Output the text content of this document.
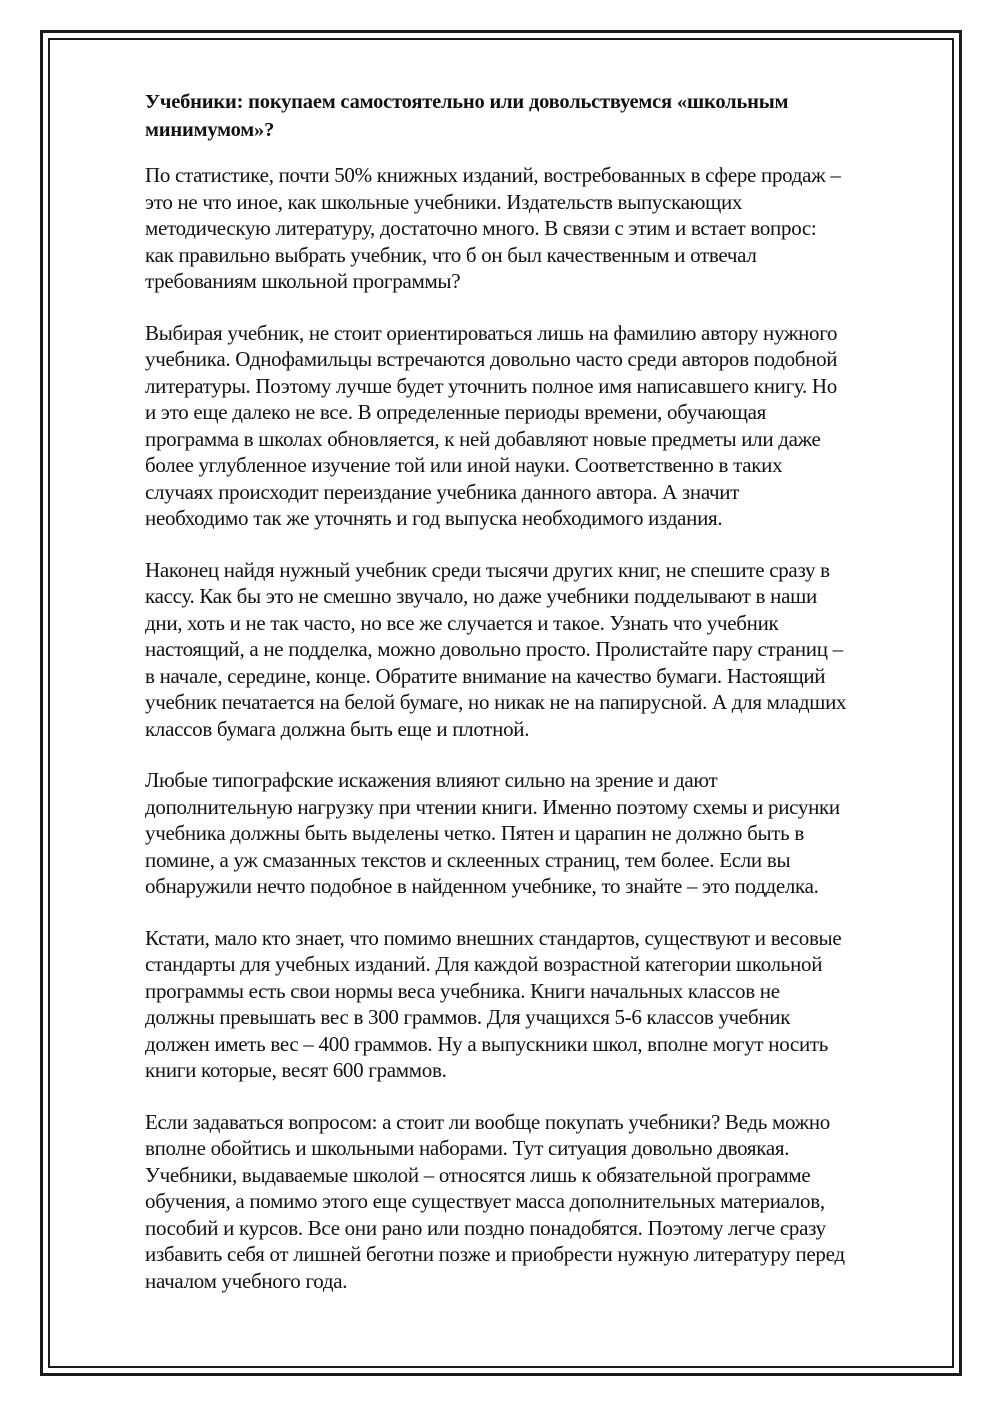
Учебники: покупаем самостоятельно или довольствуемся «школьным
минимумом»?

По статистике, почти 50% книжных изданий, востребованных в сфере продаж –
это не что иное, как школьные учебники. Издательств выпускающих
методическую литературу, достаточно много. В связи с этим и встает вопрос:
как правильно выбрать учебник, что б он был качественным и отвечал
требованиям школьной программы?

Выбирая учебник, не стоит ориентироваться лишь на фамилию автору нужного
учебника. Однофамильцы встречаются довольно часто среди авторов подобной
литературы. Поэтому лучше будет уточнить полное имя написавшего книгу. Но
и это еще далеко не все. В определенные периоды времени, обучающая
программа в школах обновляется, к ней добавляют новые предметы или даже
более углубленное изучение той или иной науки. Соответственно в таких
случаях происходит переиздание учебника данного автора. А значит
необходимо так же уточнять и год выпуска необходимого издания.

Наконец найдя нужный учебник среди тысячи других книг, не спешите сразу в
кассу. Как бы это не смешно звучало, но даже учебники подделывают в наши
дни, хоть и не так часто, но все же случается и такое. Узнать что учебник
настоящий, а не подделка, можно довольно просто. Пролистайте пару страниц –
в начале, середине, конце. Обратите внимание на качество бумаги. Настоящий
учебник печатается на белой бумаге, но никак не на папирусной. А для младших
классов бумага должна быть еще и плотной.

Любые типографские искажения влияют сильно на зрение и дают
дополнительную нагрузку при чтении книги. Именно поэтому схемы и рисунки
учебника должны быть выделены четко. Пятен и царапин не должно быть в
помине, а уж смазанных текстов и склеенных страниц, тем более. Если вы
обнаружили нечто подобное в найденном учебнике, то знайте – это подделка.

Кстати, мало кто знает, что помимо внешних стандартов, существуют и весовые
стандарты для учебных изданий. Для каждой возрастной категории школьной
программы есть свои нормы веса учебника. Книги начальных классов не
должны превышать вес в 300 граммов. Для учащихся 5-6 классов учебник
должен иметь вес – 400 граммов. Ну а выпускники школ, вполне могут носить
книги которые, весят 600 граммов.

Если задаваться вопросом: а стоит ли вообще покупать учебники? Ведь можно
вполне обойтись и школьными наборами. Тут ситуация довольно двоякая.
Учебники, выдаваемые школой – относятся лишь к обязательной программе
обучения, а помимо этого еще существует масса дополнительных материалов,
пособий и курсов. Все они рано или поздно понадобятся. Поэтому легче сразу
избавить себя от лишней беготни позже и приобрести нужную литературу перед
началом учебного года.
